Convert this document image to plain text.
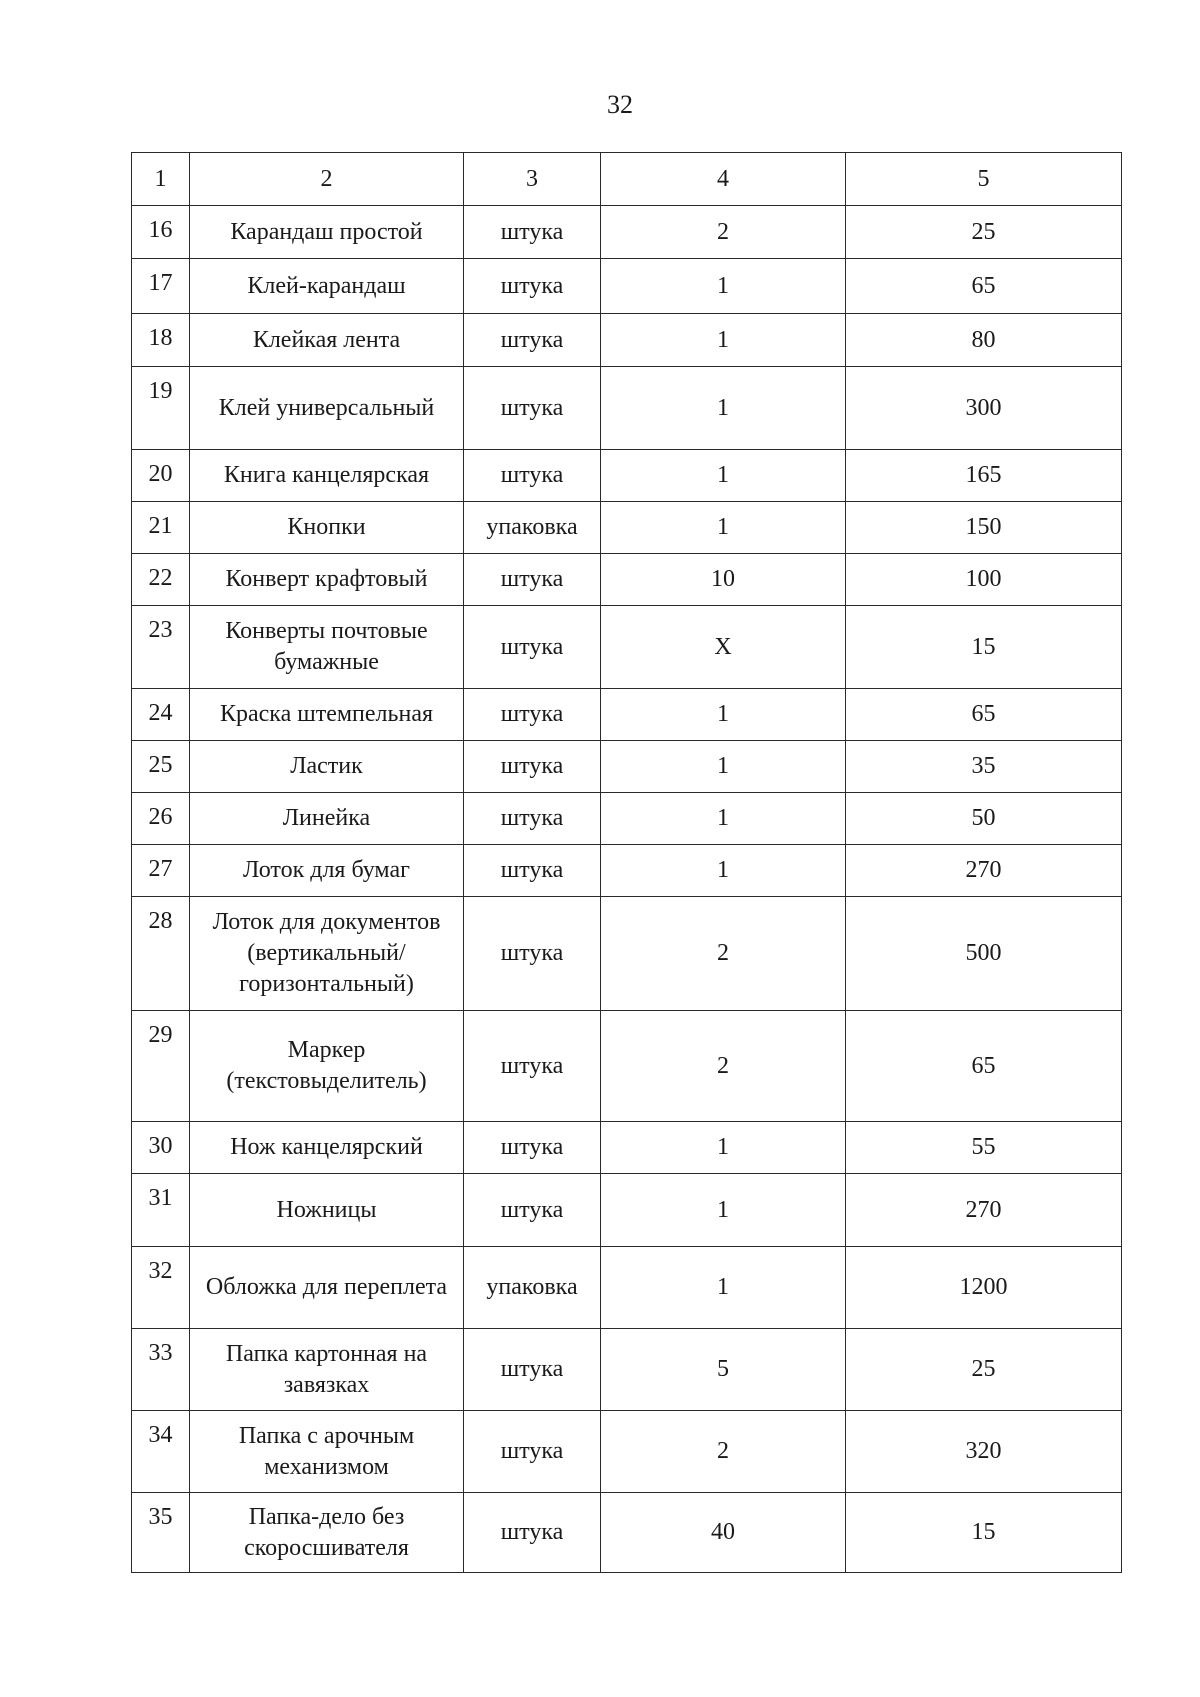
32
1	2	3	4	5
16	Карандаш простой	штука	2	25
17	Клей-карандаш	штука	1	65
18	Клейкая лента	штука	1	80
19	Клей универсальный	штука	1	300
20	Книга канцелярская	штука	1	165
21	Кнопки	упаковка	1	150
22	Конверт крафтовый	штука	10	100
23	Конверты почтовые бумажные	штука	X	15
24	Краска штемпельная	штука	1	65
25	Ластик	штука	1	35
26	Линейка	штука	1	50
27	Лоток для бумаг	штука	1	270
28	Лоток для документов (вертикальный/ горизонтальный)	штука	2	500
29	Маркер (текстовыделитель)	штука	2	65
30	Нож канцелярский	штука	1	55
31	Ножницы	штука	1	270
32	Обложка для переплета	упаковка	1	1200
33	Папка картонная на завязках	штука	5	25
34	Папка с арочным механизмом	штука	2	320
35	Папка-дело без скоросшивателя	штука	40	15
